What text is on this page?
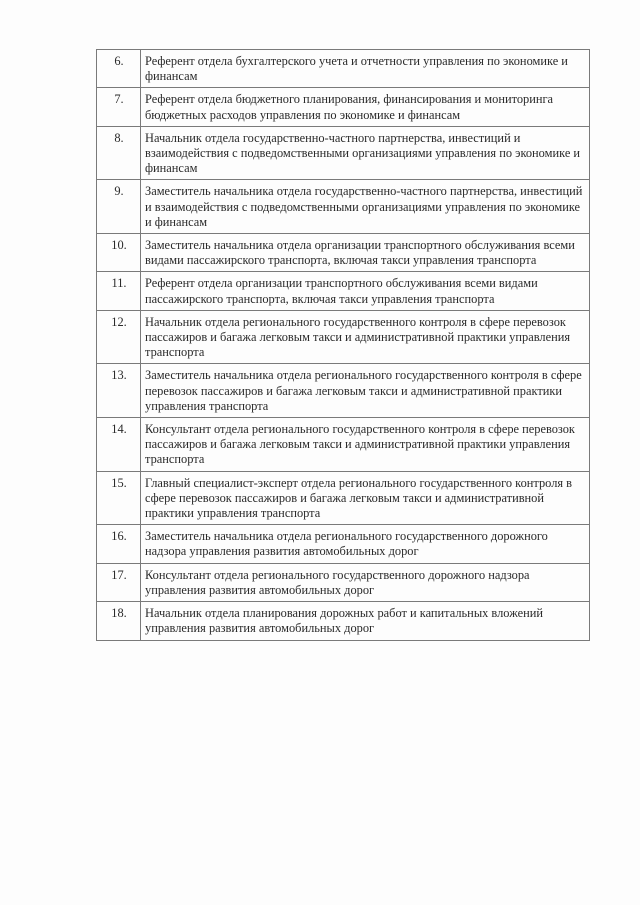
6.	Референт отдела бухгалтерского учета и отчетности управления по экономике и финансам
7.	Референт отдела бюджетного планирования, финансирования и мониторинга бюджетных расходов управления по экономике и финансам
8.	Начальник отдела государственно-частного партнерства, инвестиций и взаимодействия с подведомственными организациями управления по экономике и финансам
9.	Заместитель начальника отдела государственно-частного партнерства, инвестиций и взаимодействия с подведомственными организациями управления по экономике и финансам
10.	Заместитель начальника отдела организации транспортного обслуживания всеми видами пассажирского транспорта, включая такси управления транспорта
11.	Референт отдела организации транспортного обслуживания всеми видами пассажирского транспорта, включая такси управления транспорта
12.	Начальник отдела регионального государственного контроля в сфере перевозок пассажиров и багажа легковым такси и административной практики управления транспорта
13.	Заместитель начальника отдела регионального государственного контроля в сфере перевозок пассажиров и багажа легковым такси и административной практики управления транспорта
14.	Консультант отдела регионального государственного контроля в сфере перевозок пассажиров и багажа легковым такси и административной практики управления транспорта
15.	Главный специалист-эксперт отдела регионального государственного контроля в сфере перевозок пассажиров и багажа легковым такси и административной практики управления транспорта
16.	Заместитель начальника отдела регионального государственного дорожного надзора управления развития автомобильных дорог
17.	Консультант отдела регионального государственного дорожного надзора управления развития автомобильных дорог
18.	Начальник отдела планирования дорожных работ и капитальных вложений управления развития автомобильных дорог
